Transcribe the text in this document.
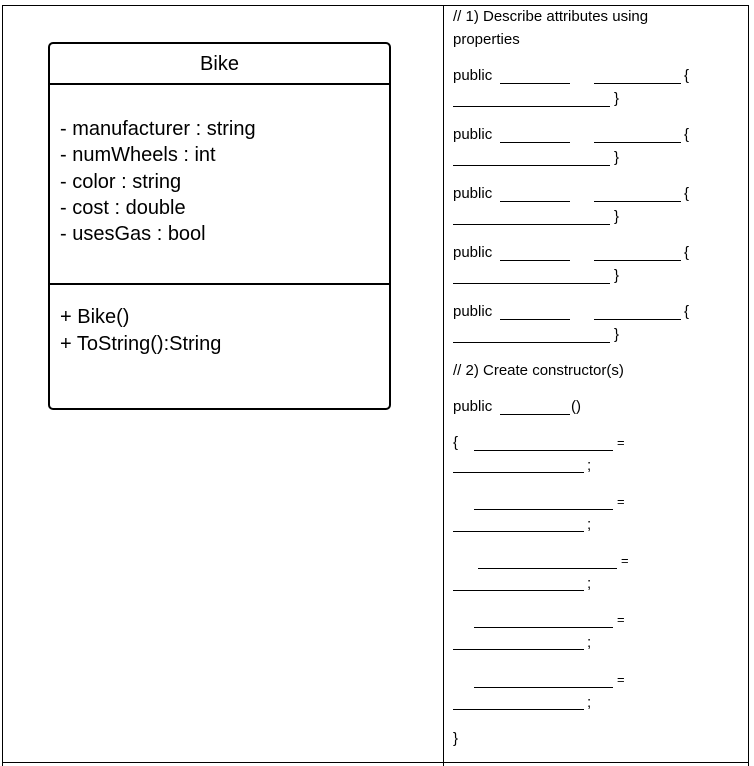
Bike
- manufacturer : string
- numWheels : int
- color : string
- cost : double
- usesGas : bool
+ Bike()
+ ToString():String
// 1) Describe attributes using
properties
public	{
}
public	{
}
public	{
}
public	{
}
public	{
}
// 2) Create constructor(s)
public	()
{	=
;
=
;
=
;
=
;
=
;
}
